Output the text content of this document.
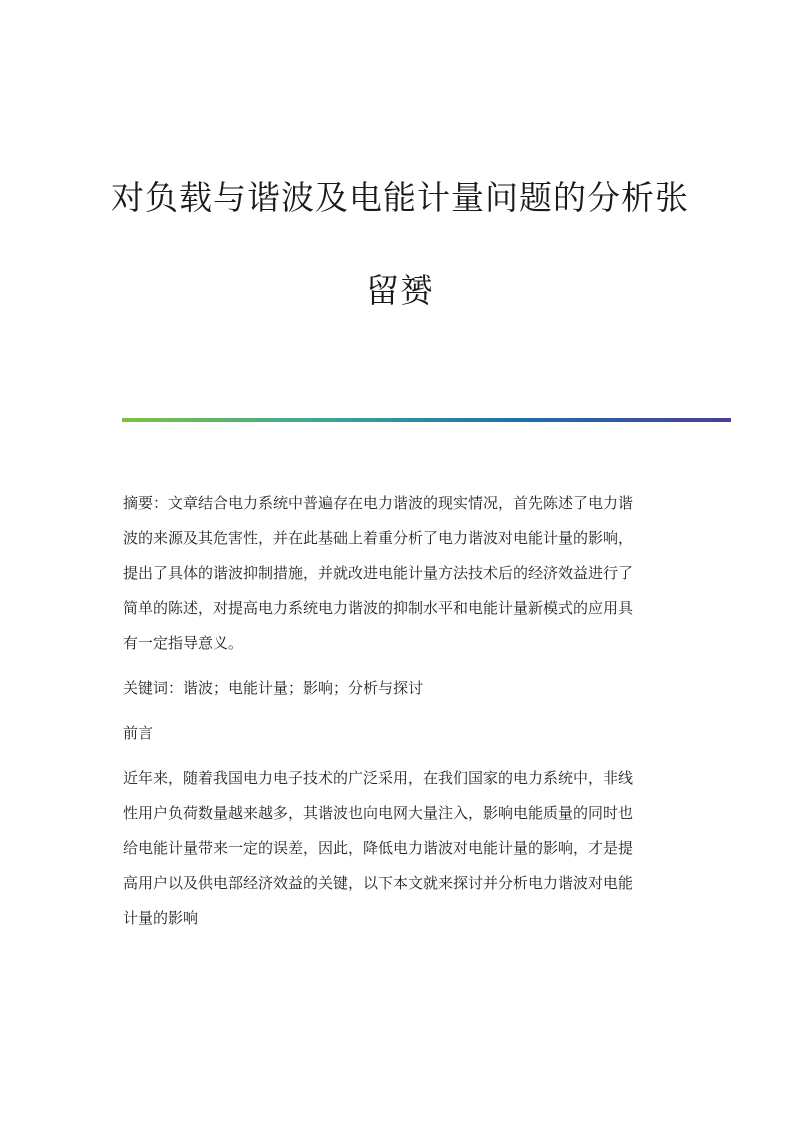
对负载与谐波及电能计量问题的分析张
留赟
摘要：文章结合电力系统中普遍存在电力谐波的现实情况，首先陈述了电力谐
波的来源及其危害性，并在此基础上着重分析了电力谐波对电能计量的影响，
提出了具体的谐波抑制措施，并就改进电能计量方法技术后的经济效益进行了
简单的陈述，对提高电力系统电力谐波的抑制水平和电能计量新模式的应用具
有一定指导意义。
关键词：谐波；电能计量；影响；分析与探讨
前言
近年来，随着我国电力电子技术的广泛采用，在我们国家的电力系统中，非线
性用户负荷数量越来越多，其谐波也向电网大量注入，影响电能质量的同时也
给电能计量带来一定的误差，因此，降低电力谐波对电能计量的影响，才是提
高用户以及供电部经济效益的关键，以下本文就来探讨并分析电力谐波对电能
计量的影响
